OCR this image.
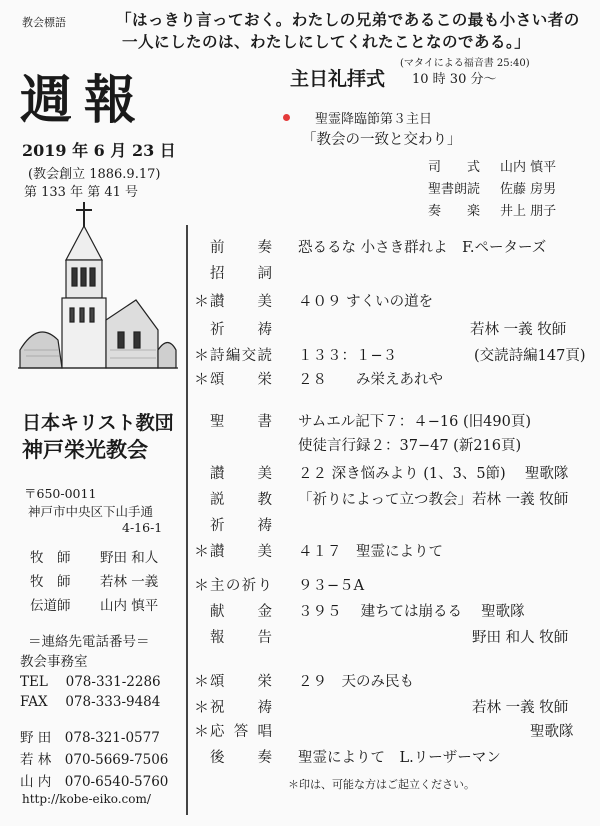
教会標語	「はっきり言っておく。わたしの兄弟であるこの最も小さい者の
一人にしたのは、わたしにしてくれたことなのである。」
(マタイによる福音書 25:40)
週報
2019 年 6 月 23 日
(教会創立 1886.9.17)
第 133 年 第 41 号
日本キリスト教団
神戸栄光教会
〒650-0011
神戸市中央区下山手通
4-16-1
牧　師 野田 和人
牧　師 若林 一義
伝道師 山内 慎平
＝連絡先電話番号＝
教会事務室
TEL　 078-331-2286
FAX　 078-333-9484
野 田　078-321-0577
若 林　070-5669-7506
山 内　070-6540-5760
http://kobe-eiko.com/
主日礼拝式 10 時 30 分～
聖霊降臨節第３主日
「教会の一致と交わり」
司　　式 山内 慎平
聖書朗読 佐藤 房男
奏　　楽 井上 朋子
前 奏 恐るるな 小さき群れよ　F.ペーターズ
招 詞
＊ 讃 美 ４０９ すくいの道を
祈 祷	若林 一義 牧師
＊ 詩 編 交 読 １３３：１−３	(交読詩編147頁)
＊ 頌 栄 ２８　　み栄えあれや
聖 書 サムエル記下７：４−16 (旧490頁)
使徒言行録２：37−47 (新216頁)
讃 美 ２２ 深き悩みより (1、3、5節)　 聖歌隊
説 教 「祈りによって立つ教会」若林 一義 牧師
祈 祷
＊ 讃 美 ４１７　聖霊によりて
＊ 主 の 祈 り ９３−５A
献 金 ３９５　 建ちては崩るる　 聖歌隊
報 告	野田 和人 牧師
＊ 頌 栄 ２９　天のみ民も
＊ 祝 祷	若林 一義 牧師
＊ 応 答 唱	聖歌隊
後 奏 聖霊によりて　L.リーザーマン
＊印は、可能な方はご起立ください。
